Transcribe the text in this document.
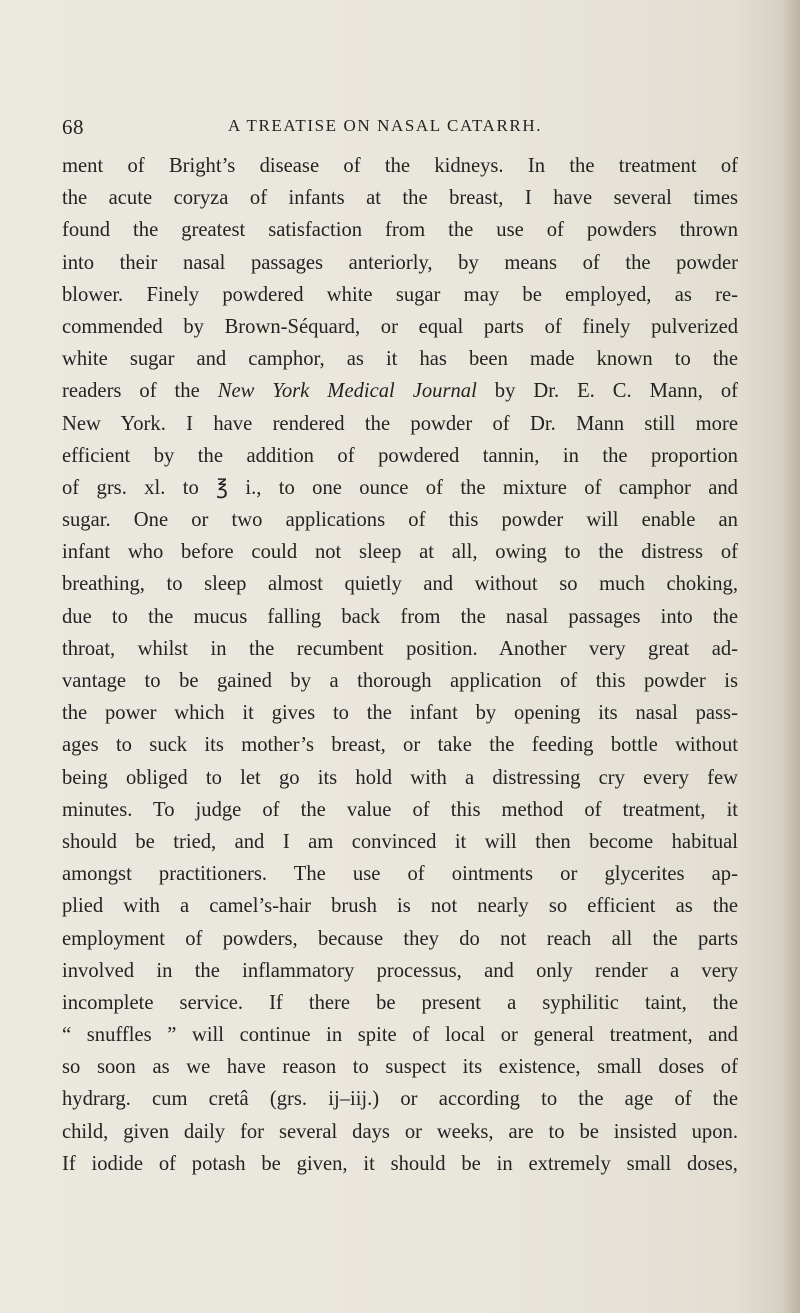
68	A TREATISE ON NASAL CATARRH.
ment of Bright’s disease of the kidneys. In the treatment of
the acute coryza of infants at the breast, I have several times
found the greatest satisfaction from the use of powders thrown
into their nasal passages anteriorly, by means of the powder
blower. Finely powdered white sugar may be employed, as re-
commended by Brown-Séquard, or equal parts of finely pulverized
white sugar and camphor, as it has been made known to the
readers of the New York Medical Journal by Dr. E. C. Mann, of
New York. I have rendered the powder of Dr. Mann still more
efficient by the addition of powdered tannin, in the proportion
of grs. xl. to ℥ i., to one ounce of the mixture of camphor and
sugar. One or two applications of this powder will enable an
infant who before could not sleep at all, owing to the distress of
breathing, to sleep almost quietly and without so much choking,
due to the mucus falling back from the nasal passages into the
throat, whilst in the recumbent position. Another very great ad-
vantage to be gained by a thorough application of this powder is
the power which it gives to the infant by opening its nasal pass-
ages to suck its mother’s breast, or take the feeding bottle without
being obliged to let go its hold with a distressing cry every few
minutes. To judge of the value of this method of treatment, it
should be tried, and I am convinced it will then become habitual
amongst practitioners. The use of ointments or glycerites ap-
plied with a camel’s-hair brush is not nearly so efficient as the
employment of powders, because they do not reach all the parts
involved in the inflammatory processus, and only render a very
incomplete service. If there be present a syphilitic taint, the
“ snuffles ” will continue in spite of local or general treatment, and
so soon as we have reason to suspect its existence, small doses of
hydrarg. cum cretâ (grs. ij–iij.) or according to the age of the
child, given daily for several days or weeks, are to be insisted upon.
If iodide of potash be given, it should be in extremely small doses,
